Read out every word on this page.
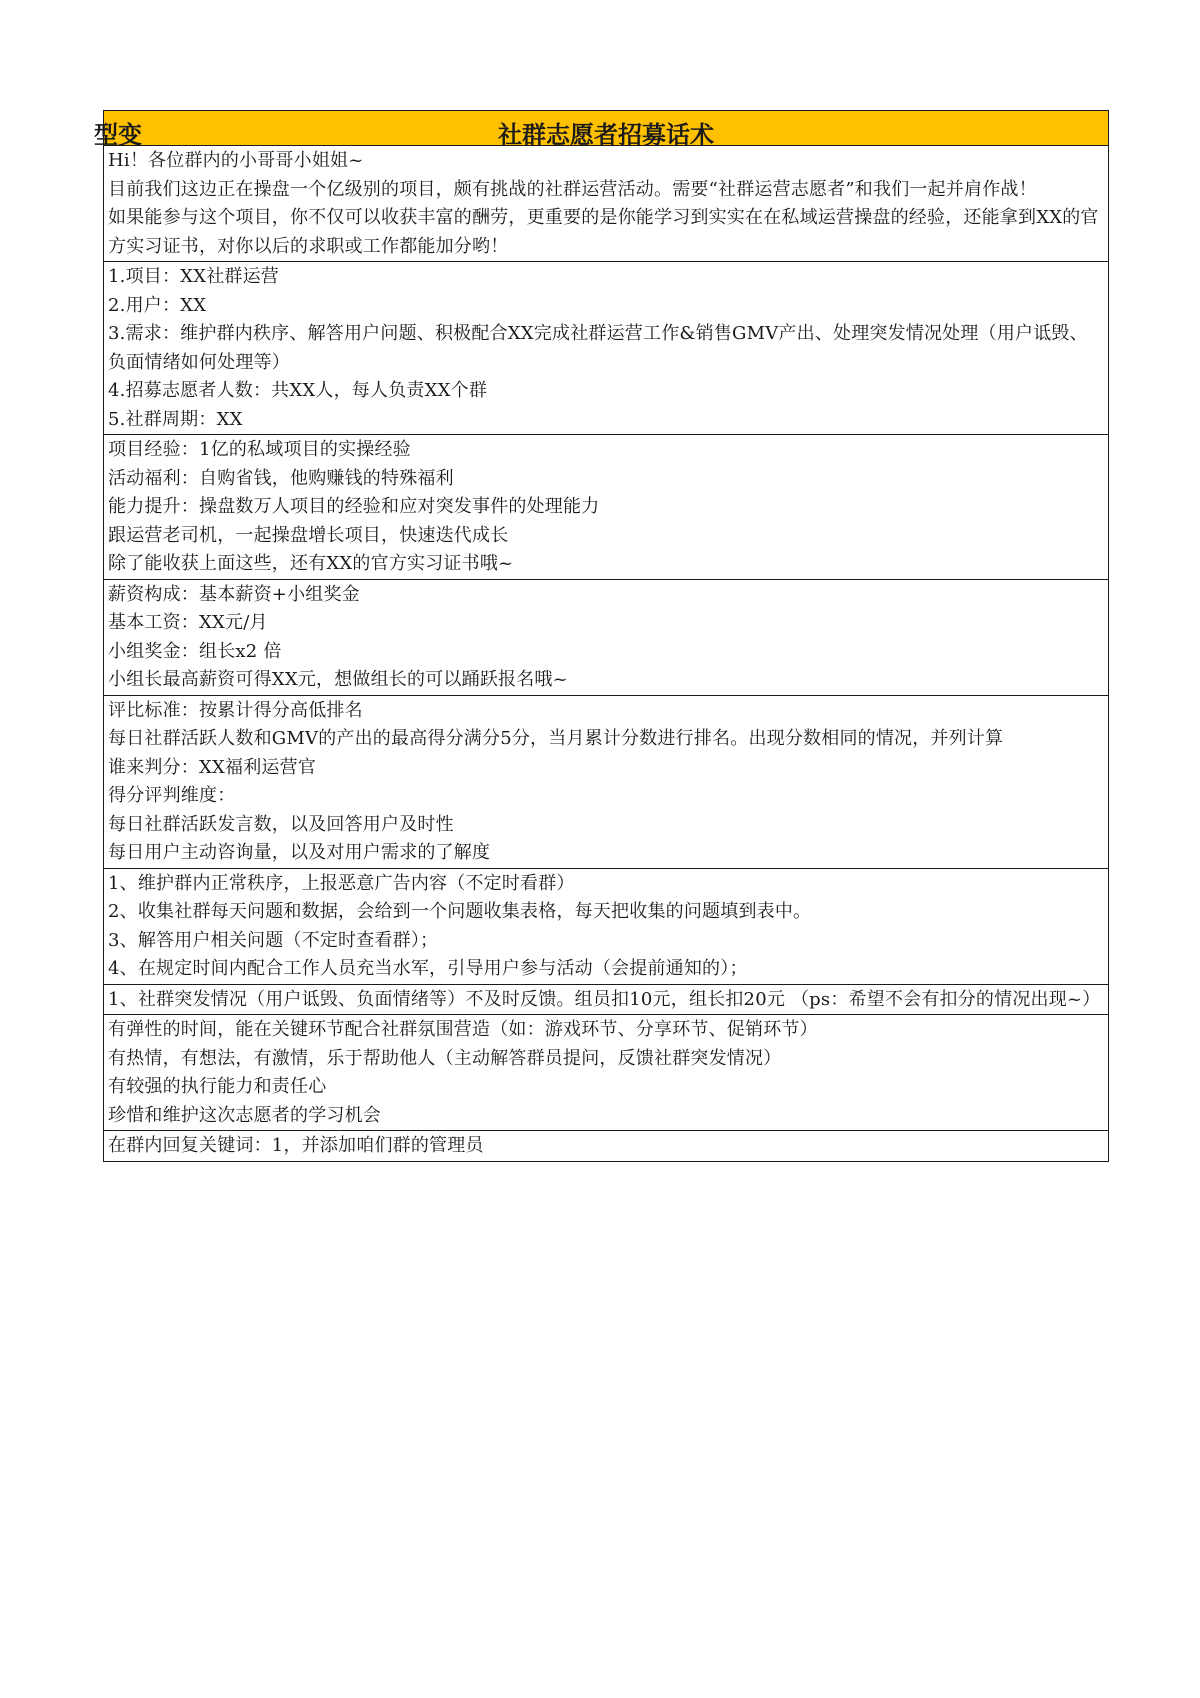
型变	社群志愿者招募话术
Hi！各位群内的小哥哥小姐姐~
目前我们这边正在操盘一个亿级别的项目，颇有挑战的社群运营活动。需要“社群运营志愿者”和我们一起并肩作战！
如果能参与这个项目，你不仅可以收获丰富的酬劳，更重要的是你能学习到实实在在私域运营操盘的经验，还能拿到XX的官方实习证书，对你以后的求职或工作都能加分哟！
1.项目：XX社群运营
2.用户：XX
3.需求：维护群内秩序、解答用户问题、积极配合XX完成社群运营工作&销售GMV产出、处理突发情况处理（用户诋毁、负面情绪如何处理等）
4.招募志愿者人数：共XX人，每人负责XX个群
5.社群周期：XX
项目经验：1亿的私域项目的实操经验
活动福利：自购省钱，他购赚钱的特殊福利
能力提升：操盘数万人项目的经验和应对突发事件的处理能力
跟运营老司机，一起操盘增长项目，快速迭代成长
除了能收获上面这些，还有XX的官方实习证书哦~
薪资构成：基本薪资+小组奖金
基本工资：XX元/月
小组奖金：组长x2 倍
小组长最高薪资可得XX元，想做组长的可以踊跃报名哦~
评比标准：按累计得分高低排名
每日社群活跃人数和GMV的产出的最高得分满分5分，当月累计分数进行排名。出现分数相同的情况，并列计算
谁来判分：XX福利运营官
得分评判维度：
每日社群活跃发言数，以及回答用户及时性
每日用户主动咨询量，以及对用户需求的了解度
1、维护群内正常秩序，上报恶意广告内容（不定时看群）
2、收集社群每天问题和数据，会给到一个问题收集表格，每天把收集的问题填到表中。
3、解答用户相关问题（不定时查看群）；
4、在规定时间内配合工作人员充当水军，引导用户参与活动（会提前通知的）；
1、社群突发情况（用户诋毁、负面情绪等）不及时反馈。组员扣10元，组长扣20元 （ps：希望不会有扣分的情况出现~）
有弹性的时间，能在关键环节配合社群氛围营造（如：游戏环节、分享环节、促销环节）
有热情，有想法，有激情，乐于帮助他人（主动解答群员提问，反馈社群突发情况）
有较强的执行能力和责任心
珍惜和维护这次志愿者的学习机会
在群内回复关键词：1，并添加咱们群的管理员
